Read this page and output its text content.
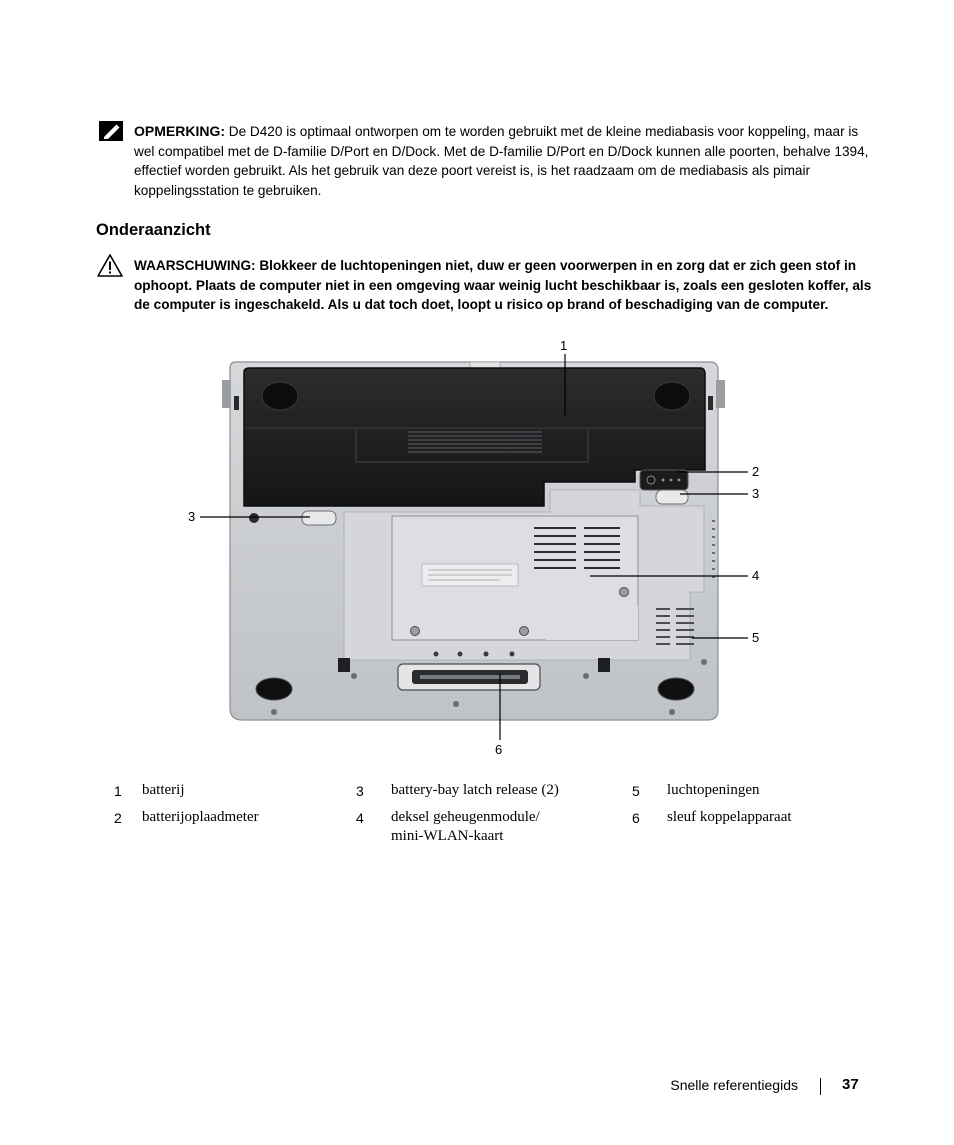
OPMERKING: De D420 is optimaal ontworpen om te worden gebruikt met de kleine mediabasis voor koppeling, maar is wel compatibel met de D-familie D/Port en D/Dock. Met de D-familie D/Port en D/Dock kunnen alle poorten, behalve 1394, effectief worden gebruikt. Als het gebruik van deze poort vereist is, is het raadzaam om de mediabasis als pimair koppelingsstation te gebruiken.
Onderaanzicht
WAARSCHUWING: Blokkeer de luchtopeningen niet, duw er geen voorwerpen in en zorg dat er zich geen stof in ophoopt. Plaats de computer niet in een omgeving waar weinig lucht beschikbaar is, zoals een gesloten koffer, als de computer is ingeschakeld. Als u dat toch doet, loopt u risico op brand of beschadiging van de computer.
1
2
3
3
4
5
6
1 batterij
2 batterijoplaadmeter
3 battery-bay latch release (2)
4 deksel geheugenmodule/ mini-WLAN-kaart
5 luchtopeningen
6 sleuf koppelapparaat
Snelle referentiegids	37
